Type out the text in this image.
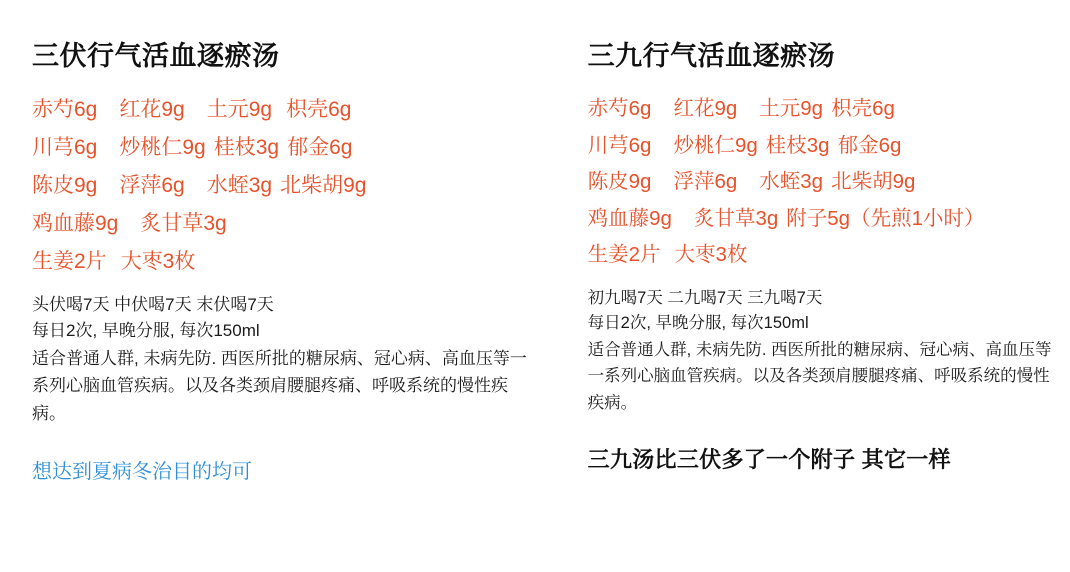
三伏行气活血逐瘀汤
赤芍6g 红花9g 土元9g 枳壳6g
川芎6g 炒桃仁9g 桂枝3g 郁金6g
陈皮9g 浮萍6g 水蛭3g 北柴胡9g
鸡血藤9g 炙甘草3g
生姜2片 大枣3枚
头伏喝7天 中伏喝7天 末伏喝7天
每日2次, 早晚分服, 每次150ml
适合普通人群, 未病先防. 西医所批的糖尿病、冠心病、高血压等一系列心脑血管疾病。以及各类颈肩腰腿疼痛、呼吸系统的慢性疾病。
想达到夏病冬治目的均可
三九行气活血逐瘀汤
赤芍6g 红花9g 土元9g 枳壳6g
川芎6g 炒桃仁9g 桂枝3g 郁金6g
陈皮9g 浮萍6g 水蛭3g 北柴胡9g
鸡血藤9g 炙甘草3g 附子5g（先煎1小时）
生姜2片 大枣3枚
初九喝7天 二九喝7天 三九喝7天
每日2次, 早晚分服, 每次150ml
适合普通人群, 未病先防. 西医所批的糖尿病、冠心病、高血压等一系列心脑血管疾病。以及各类颈肩腰腿疼痛、呼吸系统的慢性疾病。
三九汤比三伏多了一个附子 其它一样
